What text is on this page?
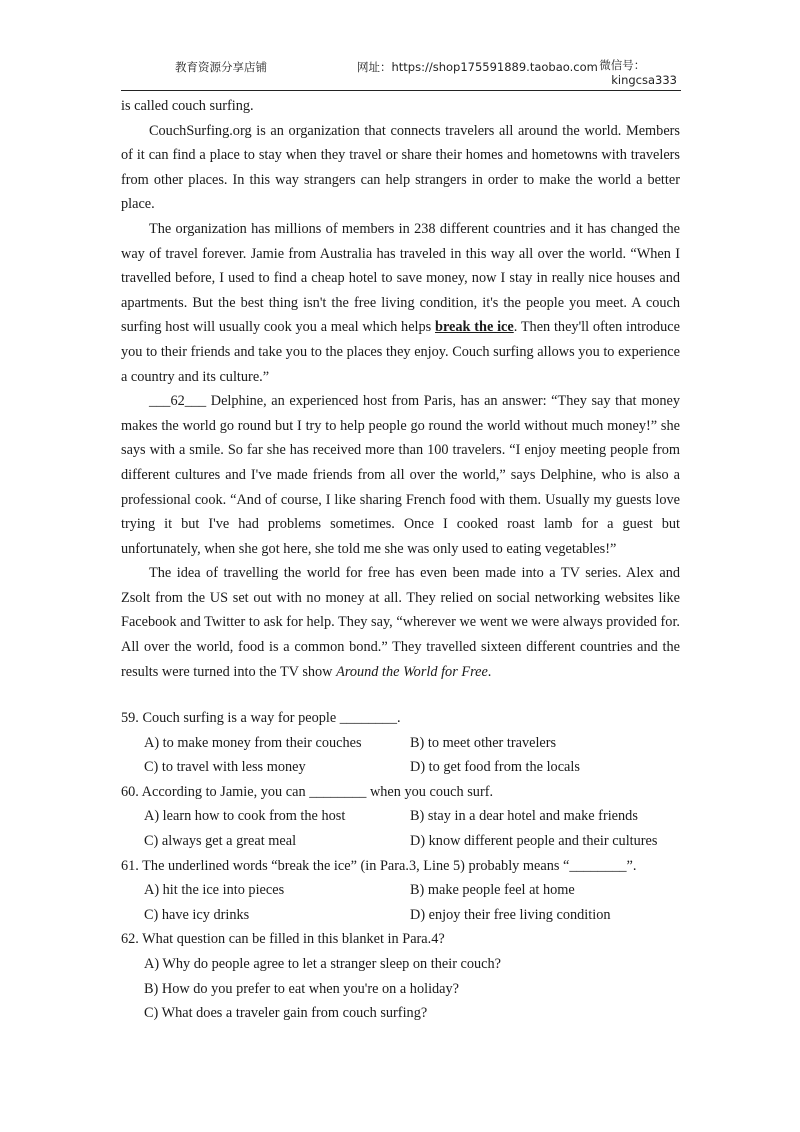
教育资源分享店铺	网址：https://shop175591889.taobao.com 微信号：
kingcsa333

is called couch surfing.

CouchSurfing.org is an organization that connects travelers all around the world. Members of it can find a place to stay when they travel or share their homes and hometowns with travelers from other places. In this way strangers can help strangers in order to make the world a better place.

The organization has millions of members in 238 different countries and it has changed the way of travel forever. Jamie from Australia has traveled in this way all over the world. “When I travelled before, I used to find a cheap hotel to save money, now I stay in really nice houses and apartments. But the best thing isn't the free living condition, it's the people you meet. A couch surfing host will usually cook you a meal which helps break the ice. Then they'll often introduce you to their friends and take you to the places they enjoy. Couch surfing allows you to experience a country and its culture.”

___62___ Delphine, an experienced host from Paris, has an answer: “They say that money makes the world go round but I try to help people go round the world without much money!” she says with a smile. So far she has received more than 100 travelers. “I enjoy meeting people from different cultures and I've made friends from all over the world,” says Delphine, who is also a professional cook. “And of course, I like sharing French food with them. Usually my guests love trying it but I've had problems sometimes. Once I cooked roast lamb for a guest but unfortunately, when she got here, she told me she was only used to eating vegetables!”

The idea of travelling the world for free has even been made into a TV series. Alex and Zsolt from the US set out with no money at all. They relied on social networking websites like Facebook and Twitter to ask for help. They say, “wherever we went we were always provided for. All over the world, food is a common bond.” They travelled sixteen different countries and the results were turned into the TV show Around the World for Free.

59. Couch surfing is a way for people ________.

A) to make money from their couches	B) to meet other travelers
C) to travel with less money	D) to get food from the locals

60. According to Jamie, you can ________ when you couch surf.

A) learn how to cook from the host	B) stay in a dear hotel and make friends
C) always get a great meal	D) know different people and their cultures

61. The underlined words “break the ice” (in Para.3, Line 5) probably means “________”.

A) hit the ice into pieces	B) make people feel at home
C) have icy drinks	D) enjoy their free living condition

62. What question can be filled in this blanket in Para.4?

A) Why do people agree to let a stranger sleep on their couch?
B) How do you prefer to eat when you're on a holiday?
C) What does a traveler gain from couch surfing?
